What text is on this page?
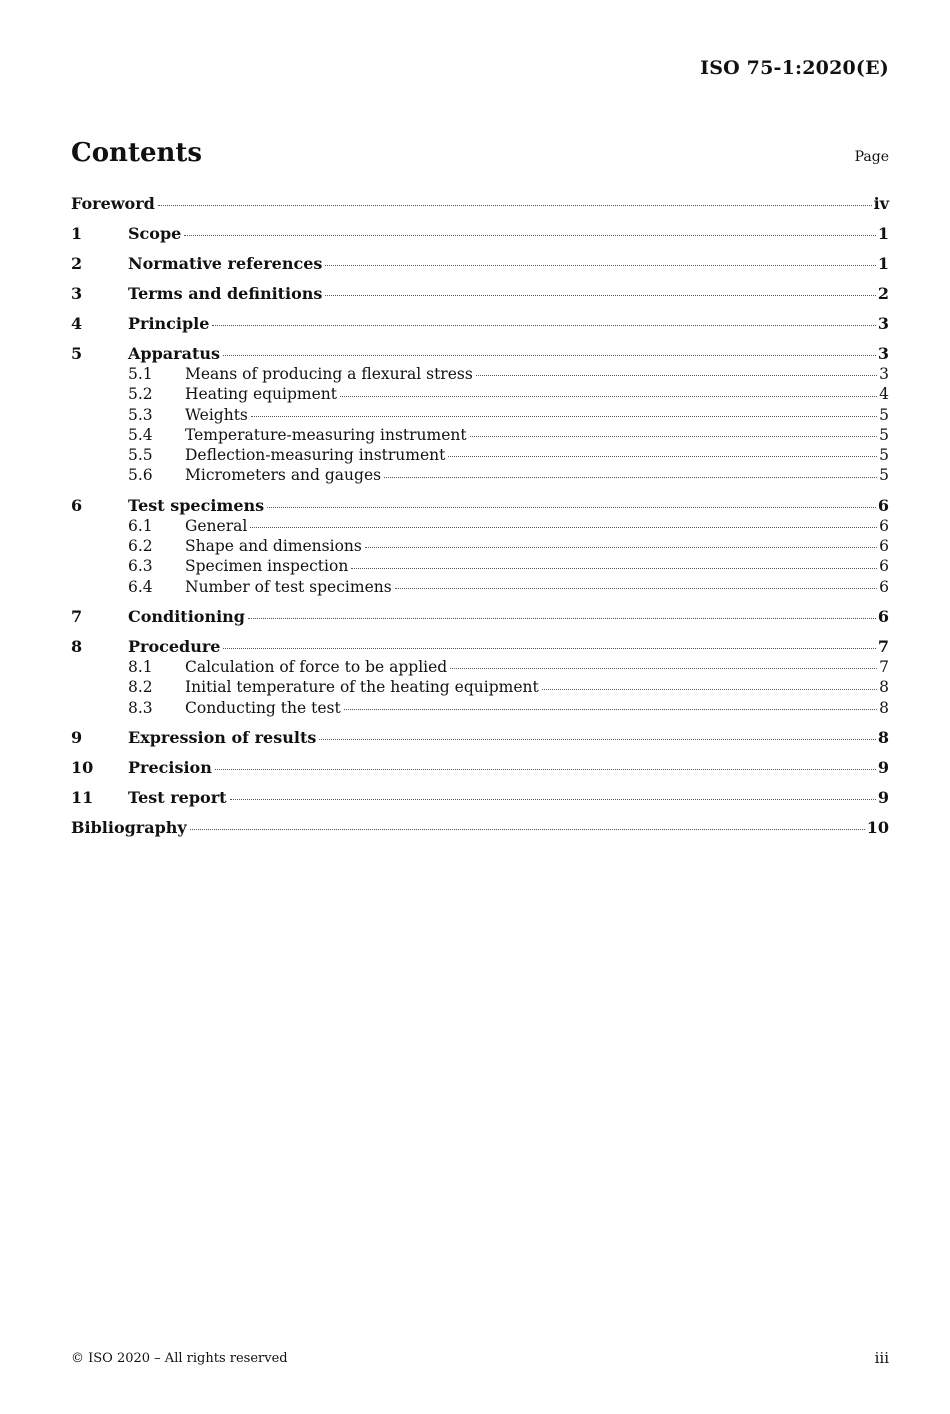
ISO 75-1:2020(E)
Contents	Page
Foreword	iv
1	Scope	1
2	Normative references	1
3	Terms and definitions	2
4	Principle	3
5	Apparatus	3
5.1	Means of producing a flexural stress	3
5.2	Heating equipment	4
5.3	Weights	5
5.4	Temperature-measuring instrument	5
5.5	Deflection-measuring instrument	5
5.6	Micrometers and gauges	5
6	Test specimens	6
6.1	General	6
6.2	Shape and dimensions	6
6.3	Specimen inspection	6
6.4	Number of test specimens	6
7	Conditioning	6
8	Procedure	7
8.1	Calculation of force to be applied	7
8.2	Initial temperature of the heating equipment	8
8.3	Conducting the test	8
9	Expression of results	8
10	Precision	9
11	Test report	9
Bibliography	10
© ISO 2020 – All rights reserved	iii
